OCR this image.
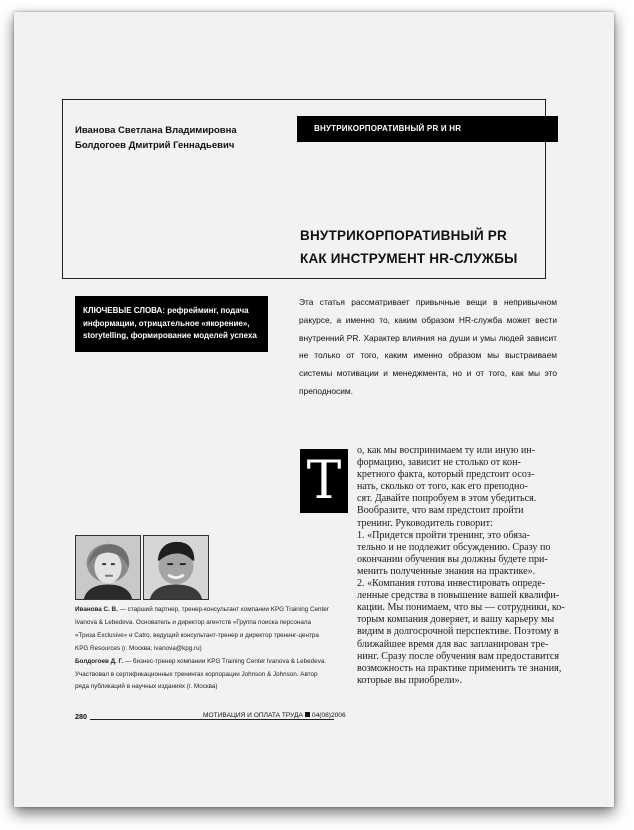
Иванова Светлана Владимировна
Болдогоев Дмитрий Геннадьевич
ВНУТРИКОРПОРАТИВНЫЙ PR И HR
ВНУТРИКОРПОРАТИВНЫЙ PR
КАК ИНСТРУМЕНТ HR-СЛУЖБЫ
КЛЮЧЕВЫЕ СЛОВА: рефрейминг, подача информации, отрицательное «якорение», storytelling, формирование моделей успеха
Эта статья рассматривает привычные вещи в непривычном ракурсе, а именно то, каким образом HR-служба может вести внутренний PR. Характер влияния на души и умы людей зависит не только от того, каким именно образом мы выстраиваем системы мотивации и менеджмента, но и от того, как мы это преподносим.
Т
о, как мы воспринимаем ту или иную ин-
формацию, зависит не столько от кон-
кретного факта, который предстоит осоз-
нать, сколько от того, как его преподно-
сят. Давайте попробуем в этом убедиться.
Вообразите, что вам предстоит пройти
тренинг. Руководитель говорит:
1. «Придется пройти тренинг, это обяза-
тельно и не подлежит обсуждению. Сразу по
окончании обучения вы должны будете при-
менить полученные знания на практике».
2. «Компания готова инвестировать опреде-
ленные средства в повышение вашей квалифи-
кации. Мы понимаем, что вы — сотрудники, ко-
торым компания доверяет, и вашу карьеру мы
видим в долгосрочной перспективе. Поэтому в
ближайшее время для вас запланирован тре-
нинг. Сразу после обучения вам предоставится
возможность на практике применить те знания,
которые вы приобрели».
Иванова С. В. — старший партнер, тренер-консультант компании KPG Training Center
Ivanova & Lebedeva. Основатель и директор агентств «Группа поиска персонала
«Триза Exclusive» и Catro, ведущий консультант-тренер и директор тренинг-центра
KPG Resources (г. Москва; ivanova@kpg.ru)
Болдогоев Д. Г. — бизнес-тренер компании KPG Training Center Ivanova & Lebedeva.
Участвовал в сертификационных тренингах корпорации Johnson & Johnson. Автор
ряда публикаций в научных изданиях (г. Москва)
280	МОТИВАЦИЯ И ОПЛАТА ТРУДА 04(08)2006
